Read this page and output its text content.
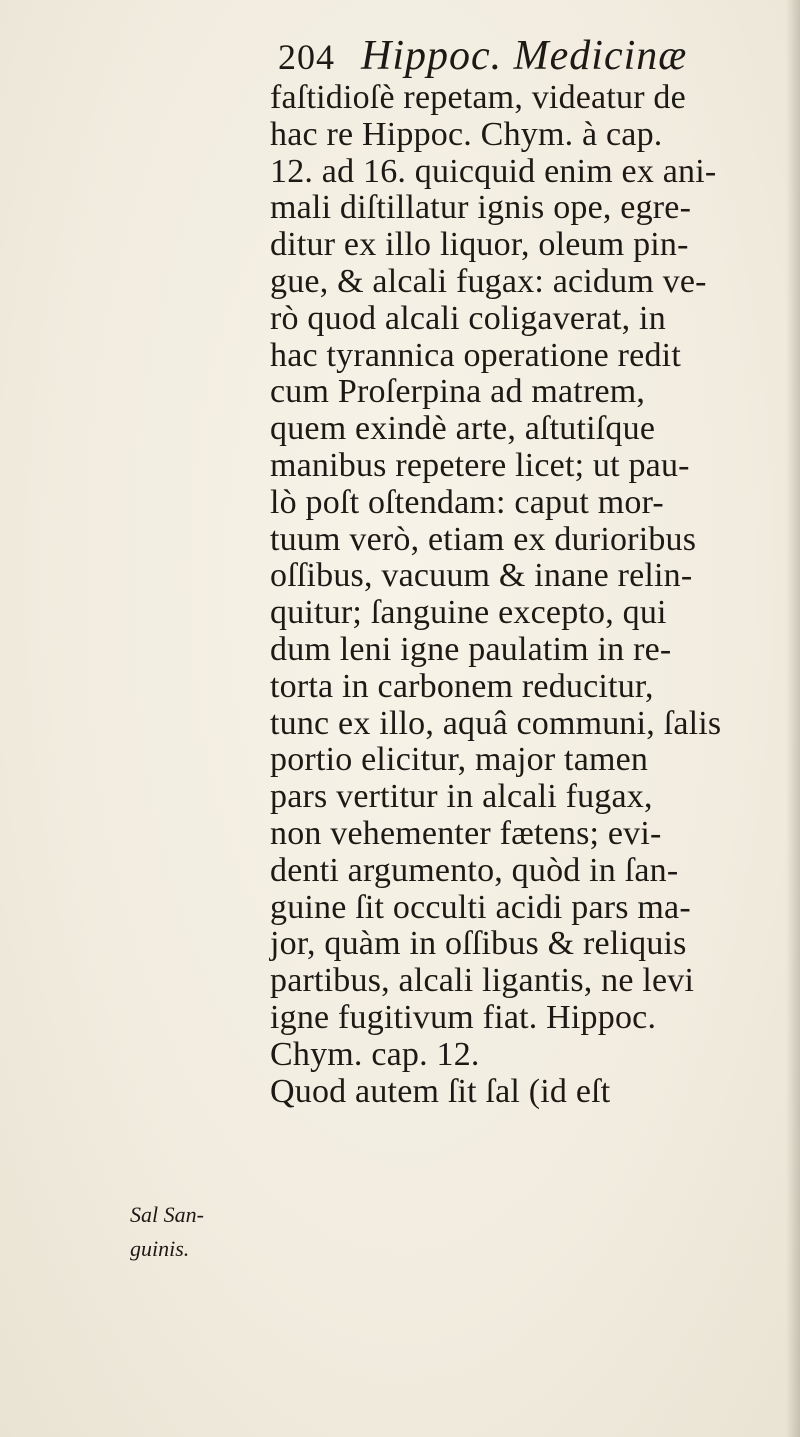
204 Hippoc. Medicinæ
faſtidioſè repetam, videatur de
hac re Hippoc. Chym. à cap.
12. ad 16. quicquid enim ex ani-
mali diſtillatur ignis ope, egre-
ditur ex illo liquor, oleum pin-
gue, & alcali fugax: acidum ve-
rò quod alcali coligaverat, in
hac tyrannica operatione redit
cum Proſerpina ad matrem,
quem exindè arte, aſtutiſque
manibus repetere licet; ut pau-
lò poſt oſtendam: caput mor-
tuum verò, etiam ex durioribus
oſſibus, vacuum & inane relin-
quitur; ſanguine excepto, qui
dum leni igne paulatim in re-
torta in carbonem reducitur,
tunc ex illo, aquâ communi, ſalis
portio elicitur, major tamen
pars vertitur in alcali fugax,
non vehementer fætens; evi-
denti argumento, quòd in ſan-
guine ſit occulti acidi pars ma-
jor, quàm in oſſibus & reliquis
partibus, alcali ligantis, ne levi
igne fugitivum fiat. Hippoc.
Chym. cap. 12.
Quod autem ſit ſal (id eſt
Sal San-
guinis.
